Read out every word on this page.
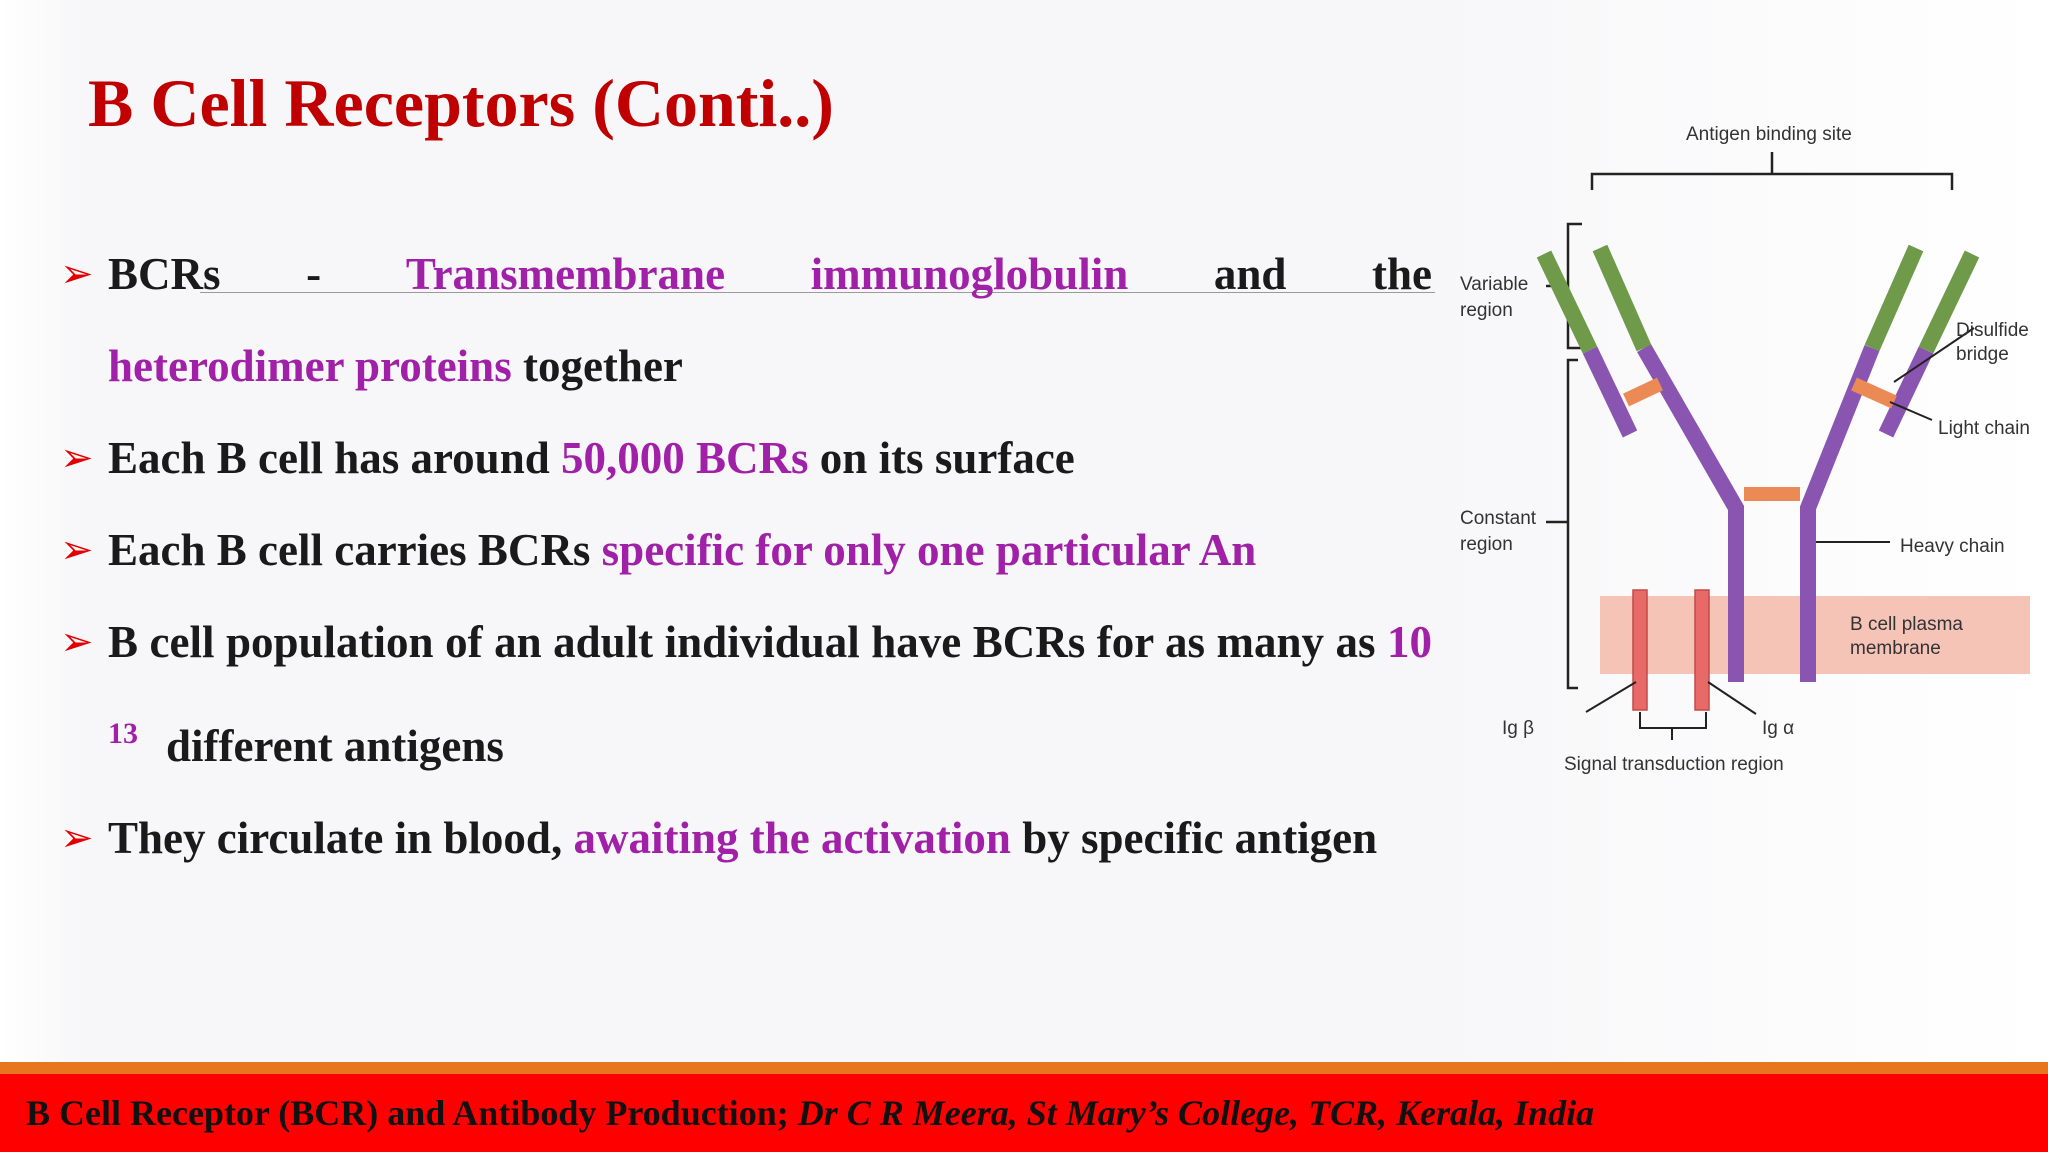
B Cell Receptors (Conti..)
➢ BCRs - Transmembrane immunoglobulin and the
heterodimer proteins together
➢ Each B cell has around 50,000 BCRs on its surface
➢ Each B cell carries BCRs specific for only one particular An
➢ B cell population of an adult individual have BCRs for as many as 10 $^{13}$ different antigens
➢ They circulate in blood, awaiting the activation by specific antigen
Antigen binding site
Variable
region
Constant
region
B cell plasma
membrane
Disulfide
bridge
Light chain
Heavy chain
Ig β	Ig α
Signal transduction region
B Cell Receptor (BCR) and Antibody Production; Dr C R Meera, St Mary’s College, TCR, Kerala, India
